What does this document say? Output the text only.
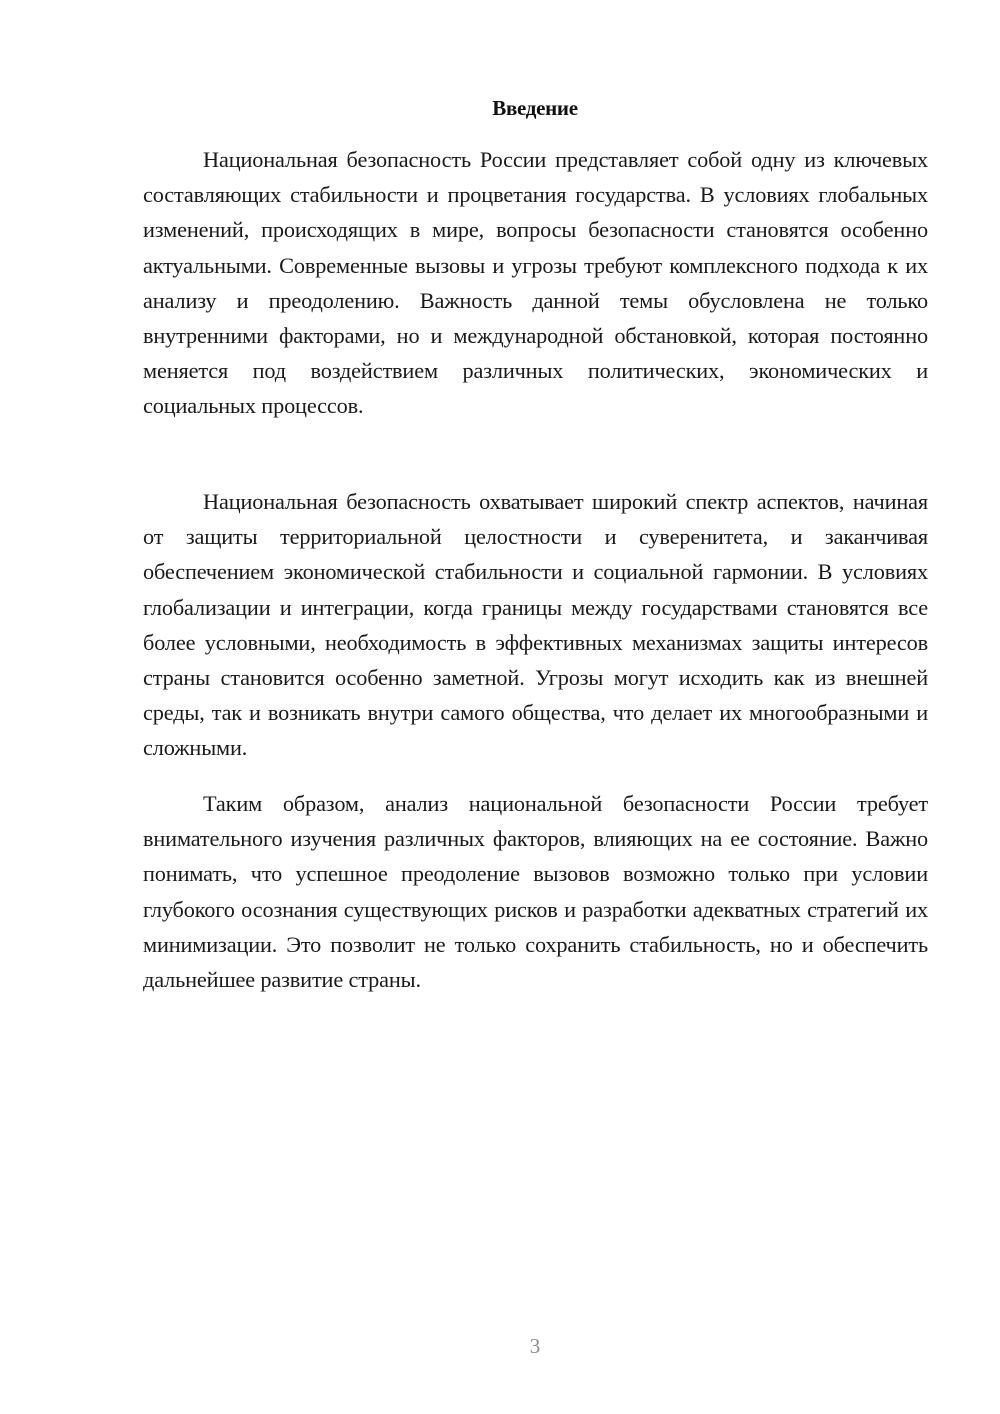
Введение

Национальная безопасность России представляет собой одну из ключевых составляющих стабильности и процветания государства. В условиях глобальных изменений, происходящих в мире, вопросы безопасности становятся особенно актуальными. Современные вызовы и угрозы требуют комплексного подхода к их анализу и преодолению. Важность данной темы обусловлена не только внутренними факторами, но и международной обстановкой, которая постоянно меняется под воздействием различных политических, экономических и социальных процессов.

Национальная безопасность охватывает широкий спектр аспектов, начиная от защиты территориальной целостности и суверенитета, и заканчивая обеспечением экономической стабильности и социальной гармонии. В условиях глобализации и интеграции, когда границы между государствами становятся все более условными, необходимость в эффективных механизмах защиты интересов страны становится особенно заметной. Угрозы могут исходить как из внешней среды, так и возникать внутри самого общества, что делает их многообразными и сложными.

Таким образом, анализ национальной безопасности России требует внимательного изучения различных факторов, влияющих на ее состояние. Важно понимать, что успешное преодоление вызовов возможно только при условии глубокого осознания существующих рисков и разработки адекватных стратегий их минимизации. Это позволит не только сохранить стабильность, но и обеспечить дальнейшее развитие страны.

3
